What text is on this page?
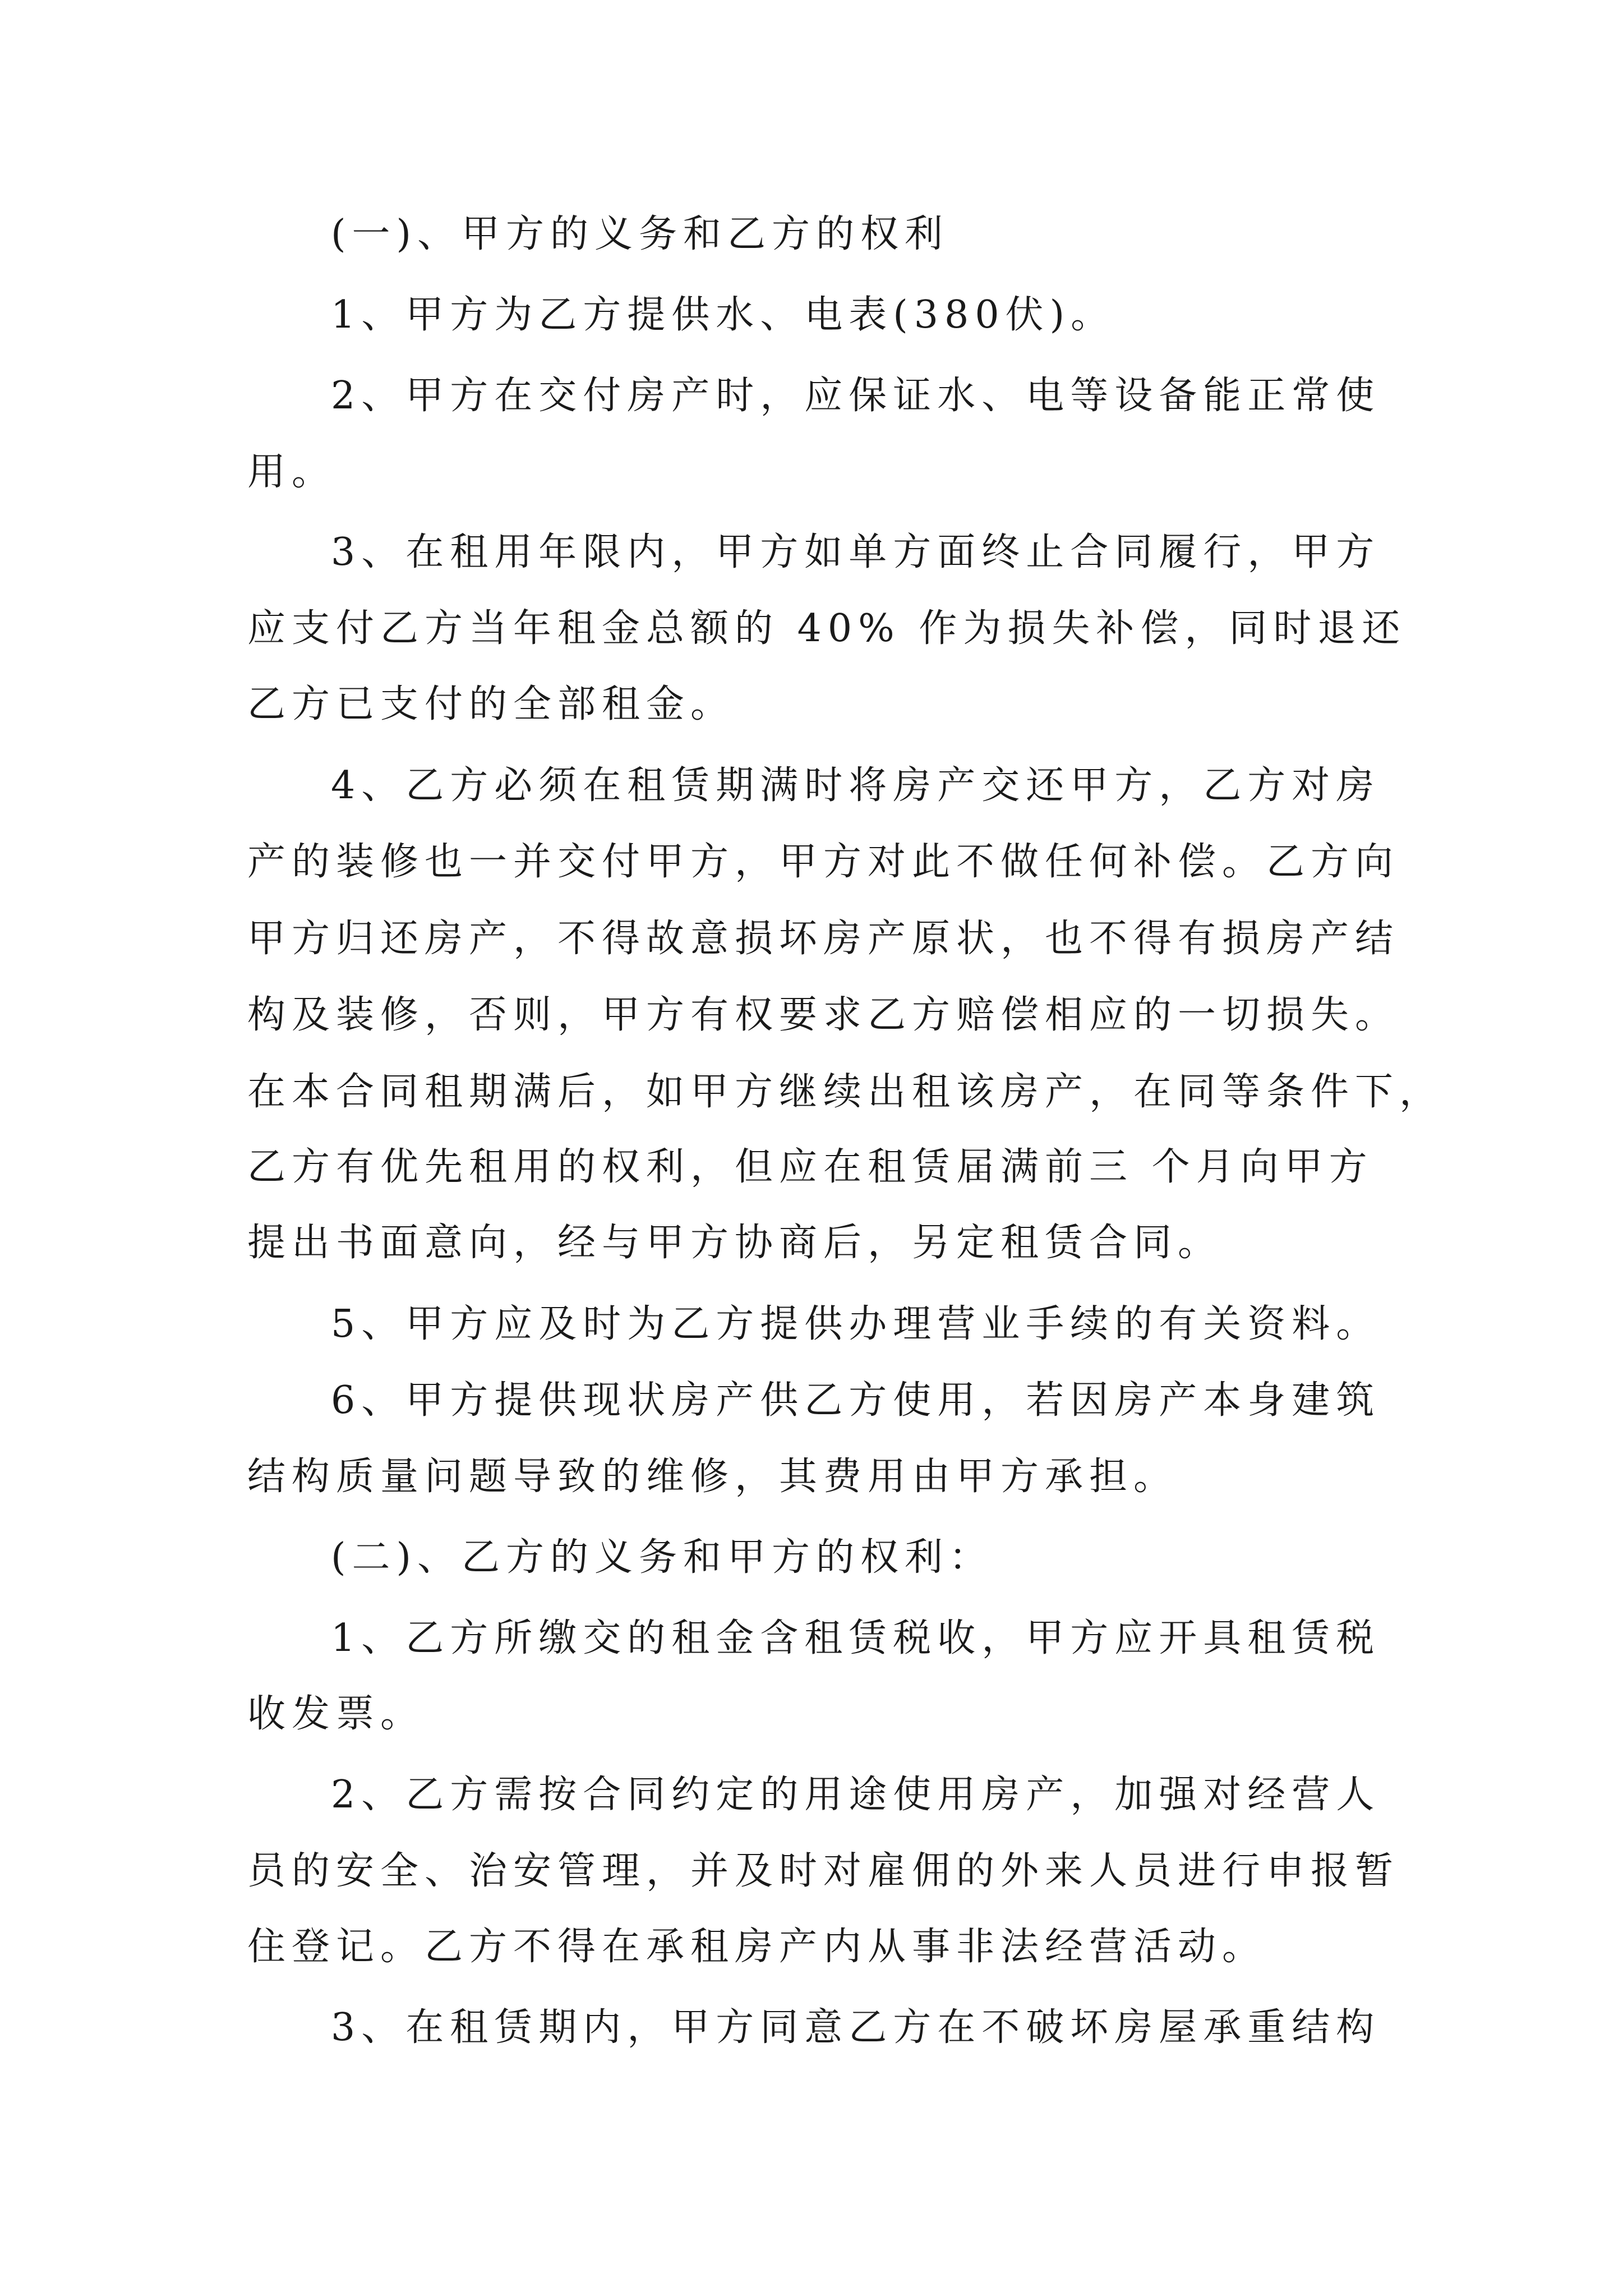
(一)、甲方的义务和乙方的权利
1、甲方为乙方提供水、电表(380伏)。
2、甲方在交付房产时，应保证水、电等设备能正常使
用。
3、在租用年限内，甲方如单方面终止合同履行，甲方
应支付乙方当年租金总额的 40% 作为损失补偿，同时退还
乙方已支付的全部租金。
4、乙方必须在租赁期满时将房产交还甲方，乙方对房
产的装修也一并交付甲方，甲方对此不做任何补偿。乙方向
甲方归还房产，不得故意损坏房产原状，也不得有损房产结
构及装修，否则，甲方有权要求乙方赔偿相应的一切损失。
在本合同租期满后，如甲方继续出租该房产，在同等条件下，
乙方有优先租用的权利，但应在租赁届满前三 个月向甲方
提出书面意向，经与甲方协商后，另定租赁合同。
5、甲方应及时为乙方提供办理营业手续的有关资料。
6、甲方提供现状房产供乙方使用，若因房产本身建筑
结构质量问题导致的维修，其费用由甲方承担。
(二)、乙方的义务和甲方的权利：
1、乙方所缴交的租金含租赁税收，甲方应开具租赁税
收发票。
2、乙方需按合同约定的用途使用房产，加强对经营人
员的安全、治安管理，并及时对雇佣的外来人员进行申报暂
住登记。乙方不得在承租房产内从事非法经营活动。
3、在租赁期内，甲方同意乙方在不破坏房屋承重结构
